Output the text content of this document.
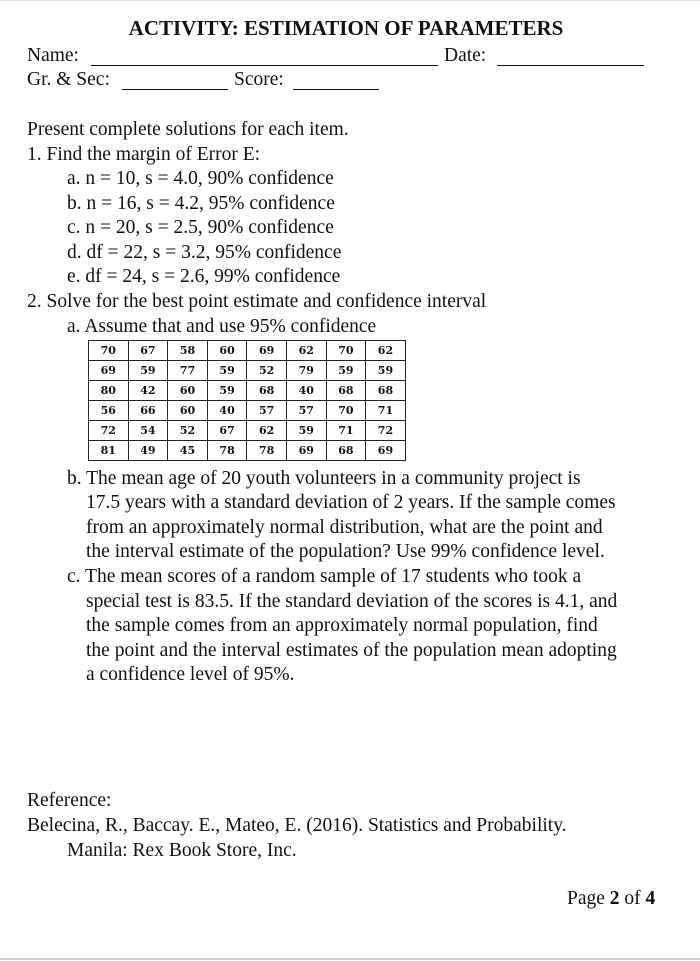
ACTIVITY: ESTIMATION OF PARAMETERS
Name:	Date:
Gr. & Sec:	Score:
Present complete solutions for each item.
1. Find the margin of Error E:
a. n = 10, s = 4.0, 90% confidence
b. n = 16, s = 4.2, 95% confidence
c. n = 20, s = 2.5, 90% confidence
d. df = 22, s = 3.2, 95% confidence
e. df = 24, s = 2.6, 99% confidence
2. Solve for the best point estimate and confidence interval
a. Assume that and use 95% confidence
70	67	58	60	69	62	70	62
69	59	77	59	52	79	59	59
80	42	60	59	68	40	68	68
56	66	60	40	57	57	70	71
72	54	52	67	62	59	71	72
81	49	45	78	78	69	68	69
b. The mean age of 20 youth volunteers in a community project is
17.5 years with a standard deviation of 2 years. If the sample comes
from an approximately normal distribution, what are the point and
the interval estimate of the population? Use 99% confidence level.
c. The mean scores of a random sample of 17 students who took a
special test is 83.5. If the standard deviation of the scores is 4.1, and
the sample comes from an approximately normal population, find
the point and the interval estimates of the population mean adopting
a confidence level of 95%.
Reference:
Belecina, R., Baccay. E., Mateo, E. (2016). Statistics and Probability.
Manila: Rex Book Store, Inc.
Page 2 of 4
